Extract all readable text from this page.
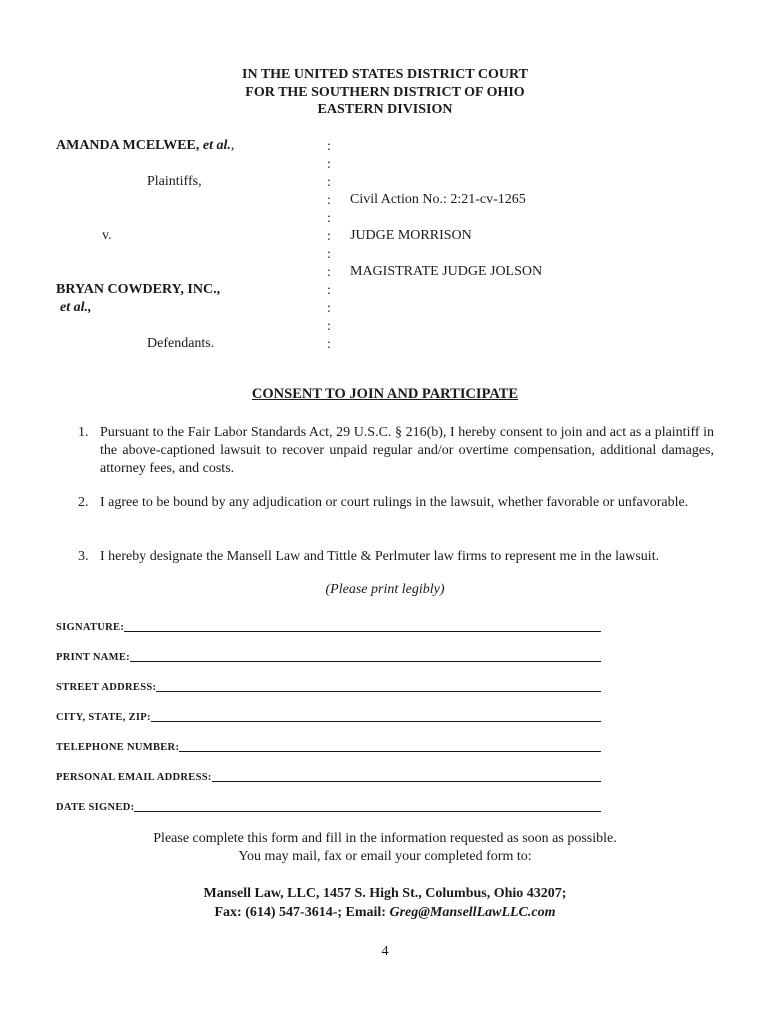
IN THE UNITED STATES DISTRICT COURT
FOR THE SOUTHERN DISTRICT OF OHIO
EASTERN DIVISION
AMANDA MCELWEE, et al.,
Plaintiffs,
v.
BRYAN COWDERY, INC.,
et al.,
Defendants.
:
:
:
:
:
:
:
:
:
:
:
:
Civil Action No.: 2:21-cv-1265
JUDGE MORRISON
MAGISTRATE JUDGE JOLSON
CONSENT TO JOIN AND PARTICIPATE
1. Pursuant to the Fair Labor Standards Act, 29 U.S.C. § 216(b), I hereby consent to join and act as a plaintiff in the above-captioned lawsuit to recover unpaid regular and/or overtime compensation, additional damages, attorney fees, and costs.
2. I agree to be bound by any adjudication or court rulings in the lawsuit, whether favorable or unfavorable.
3. I hereby designate the Mansell Law and Tittle & Perlmuter law firms to represent me in the lawsuit.
(Please print legibly)
SIGNATURE:
PRINT NAME:
STREET ADDRESS:
CITY, STATE, ZIP:
TELEPHONE NUMBER:
PERSONAL EMAIL ADDRESS:
DATE SIGNED:
Please complete this form and fill in the information requested as soon as possible.
You may mail, fax or email your completed form to:
Mansell Law, LLC, 1457 S. High St., Columbus, Ohio 43207;
Fax: (614) 547-3614-; Email: Greg@MansellLawLLC.com
4
